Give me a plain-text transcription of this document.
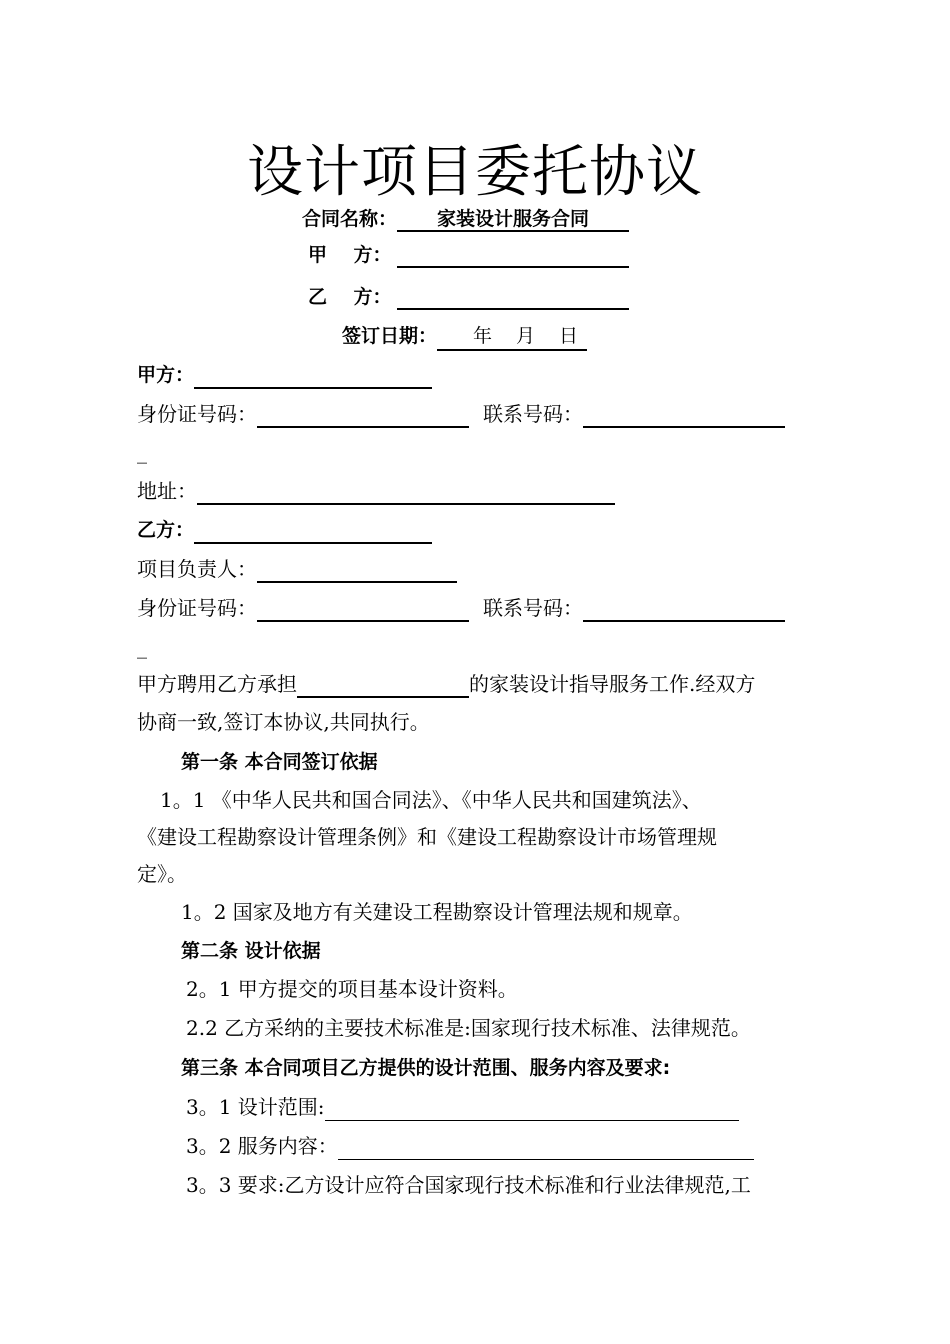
设计项目委托协议
合同名称： 家装设计服务合同
甲    方：
乙    方：
签订日期： 年 月 日
甲方：
身份证号码：	联系号码：
_
地址：
乙方：
项目负责人：
身份证号码：	联系号码：
_
甲方聘用乙方承担	的家装设计指导服务工作.经双方
协商一致,签订本协议,共同执行。
第一条 本合同签订依据
1。1 《中华人民共和国合同法》、《中华人民共和国建筑法》、
《建设工程勘察设计管理条例》和《建设工程勘察设计市场管理规
定》。
1。2 国家及地方有关建设工程勘察设计管理法规和规章。
第二条 设计依据
2。1 甲方提交的项目基本设计资料。
2.2 乙方采纳的主要技术标准是:国家现行技术标准、法律规范。
第三条 本合同项目乙方提供的设计范围、服务内容及要求:
3。1 设计范围:
3。2 服务内容：
3。3 要求:乙方设计应符合国家现行技术标准和行业法律规范,工
